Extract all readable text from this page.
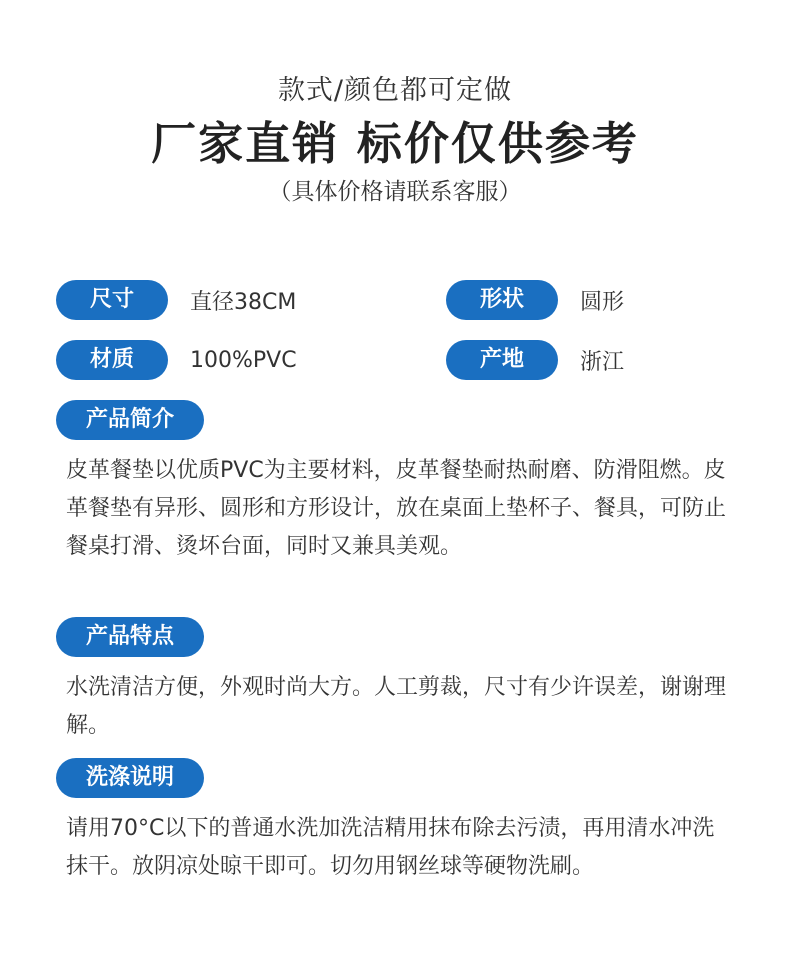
款式/颜色都可定做
厂家直销 标价仅供参考
（具体价格请联系客服）
尺寸	直径38CM	形状	圆形
材质	100%PVC	产地	浙江
产品简介
皮革餐垫以优质PVC为主要材料，皮革餐垫耐热耐磨、防滑阻燃。皮革餐垫有异形、圆形和方形设计，放在桌面上垫杯子、餐具，可防止餐桌打滑、烫坏台面，同时又兼具美观。
产品特点
水洗清洁方便，外观时尚大方。人工剪裁，尺寸有少许误差，谢谢理解。
洗涤说明
请用70°C以下的普通水洗加洗洁精用抹布除去污渍，再用清水冲洗抹干。放阴凉处晾干即可。切勿用钢丝球等硬物洗刷。
